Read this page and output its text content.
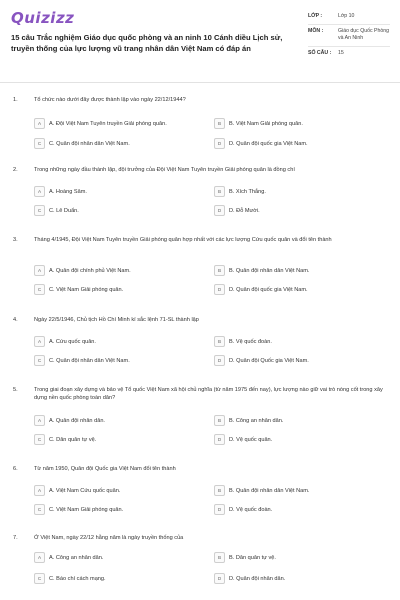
Quizizz
15 câu Trắc nghiệm Giáo dục quốc phòng và an ninh 10 Cánh diều Lịch sử, truyền thống của lực lượng vũ trang nhân dân Việt Nam có đáp án
LỚP :	Lớp 10
MÔN :	Giáo dục Quốc Phòng và An Ninh
SỐ CÂU :	15
1.	Tổ chức nào dưới đây được thành lập vào ngày 22/12/1944?
A	A. Đội Việt Nam Tuyên truyền Giải phóng quân.	B	B. Việt Nam Giải phóng quân.
C	C. Quân đội nhân dân Việt Nam.	D	D. Quân đội quốc gia Việt Nam.
2.	Trong những ngày đầu thành lập, đội trưởng của Đội Việt Nam Tuyên truyền Giải phóng quân là đồng chí
A	A. Hoàng Sâm.	B	B. Xích Thắng.
C	C. Lê Duẩn.	D	D. Đỗ Mười.
3.	Tháng 4/1945, Đội Việt Nam Tuyên truyền Giải phóng quân hợp nhất với các lực lượng Cứu quốc quân và đổi tên thành
A	A. Quân đội chính phủ Việt Nam.	B	B. Quân đội nhân dân Việt Nam.
C	C. Việt Nam Giải phóng quân.	D	D. Quân đội quốc gia Việt Nam.
4.	Ngày 22/5/1946, Chủ tịch Hồ Chí Minh kí sắc lệnh 71-SL thành lập
A	A. Cứu quốc quân.	B	B. Vệ quốc đoàn.
C	C. Quân đội nhân dân Việt Nam.	D	D. Quân đội Quốc gia Việt Nam.
5.	Trong giai đoạn xây dựng và bảo vệ Tổ quốc Việt Nam xã hội chủ nghĩa (từ năm 1975 đến nay), lực lượng nào giữ vai trò nòng cốt trong xây dựng nền quốc phòng toàn dân?
A	A. Quân đội nhân dân.	B	B. Công an nhân dân.
C	C. Dân quân tự vệ.	D	D. Vệ quốc quân.
6.	Từ năm 1950, Quân đội Quốc gia Việt Nam đổi tên thành
A	A. Việt Nam Cứu quốc quân.	B	B. Quân đội nhân dân Việt Nam.
C	C. Việt Nam Giải phóng quân.	D	D. Vệ quốc đoàn.
7.	Ở Việt Nam, ngày 22/12 hằng năm là ngày truyền thống của
A	A. Công an nhân dân.	B	B. Dân quân tự vệ.
C	C. Báo chí cách mạng.	D	D. Quân đội nhân dân.
